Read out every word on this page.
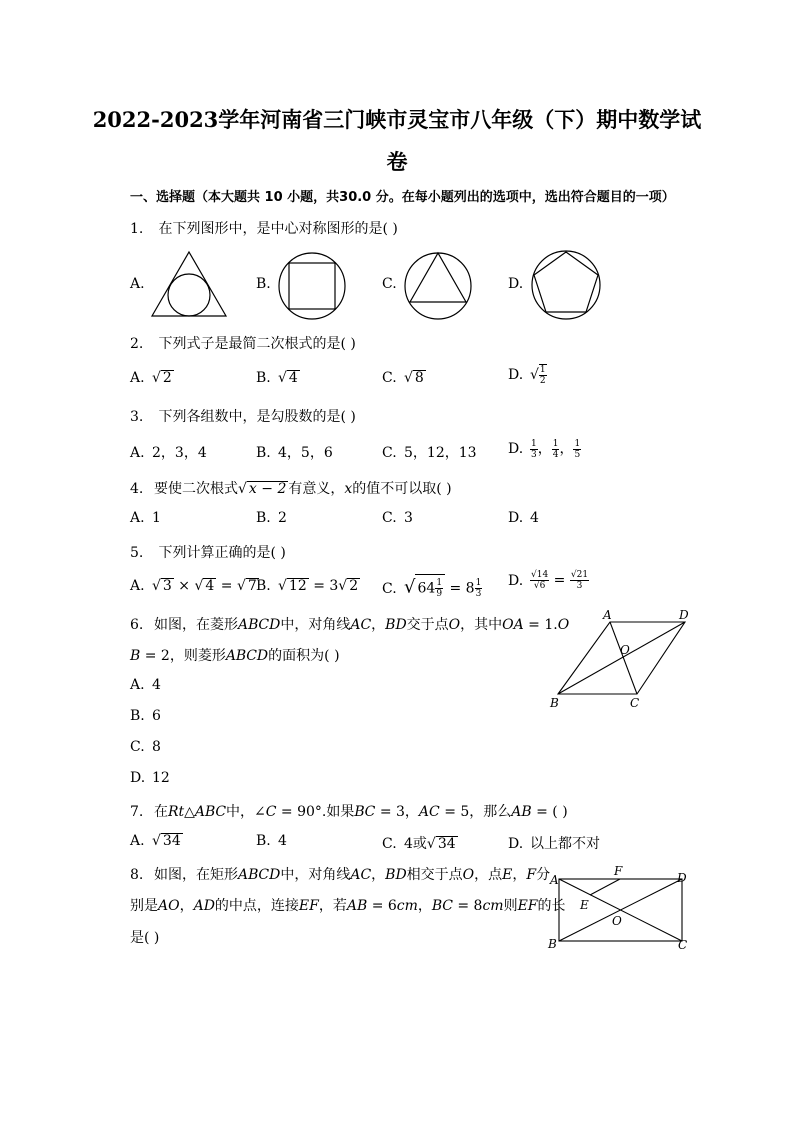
2022-2023学年河南省三门峡市灵宝市八年级（下）期中数学试
卷
一、选择题（本大题共 10 小题，共30.0 分。在每小题列出的选项中，选出符合题目的一项）
1. 在下列图形中，是中心对称图形的是( )
A.	B.	C.	D.
2. 下列式子是最简二次根式的是( )
A. √ 2	B. √ 4	C. √ 8	D. √ $\frac{1}{2}$
3. 下列各组数中，是勾股数的是( )
A. 2，3，4	B. 4，5，6	C. 5，12，13 D. $\frac{1}{3}$ ， $\frac{1}{4}$ ， $\frac{1}{5}$
4. 要使二次根式√ x − 2 有意义，x的值不可以取( )
A. 1	B. 2	C. 3	D. 4
5. 下列计算正确的是( )
A. √ 3 × √ 4 = √ 7 B. √ 12 = 3√ 2 C. √ $64 \frac{1}{9} = 8 \frac{1}{3} D$. $\frac{√14}{√6} = \frac{√21}{3}$
6. 如图，在菱形𝐴𝐵𝐶𝐷中，对角线𝐴𝐶，𝐵𝐷交于点𝑂，其中𝑂𝐴 = 1.𝑂
𝐵 = 2，则菱形𝐴𝐵𝐶𝐷的面积为( )
A. 4
B. 6
C. 8
D. 12
A	D
O
B	C
7. 在𝑅𝑡△𝐴𝐵𝐶中，∠𝐶 = 90°.如果𝐵𝐶 = 3，𝐴𝐶 = 5，那么𝐴𝐵 = ( )
A. √ 34	B. 4	C. 4或√ 34	D. 以上都不对
8. 如图，在矩形𝐴𝐵𝐶𝐷中，对角线𝐴𝐶，𝐵𝐷相交于点𝑂，点𝐸，𝐹分
别是𝐴𝑂，𝐴𝐷的中点，连接𝐸𝐹，若𝐴𝐵 = 6𝑐𝑚，𝐵𝐶 = 8𝑐𝑚则𝐸𝐹的长
是( )
A
F	D
E
O
B	C
